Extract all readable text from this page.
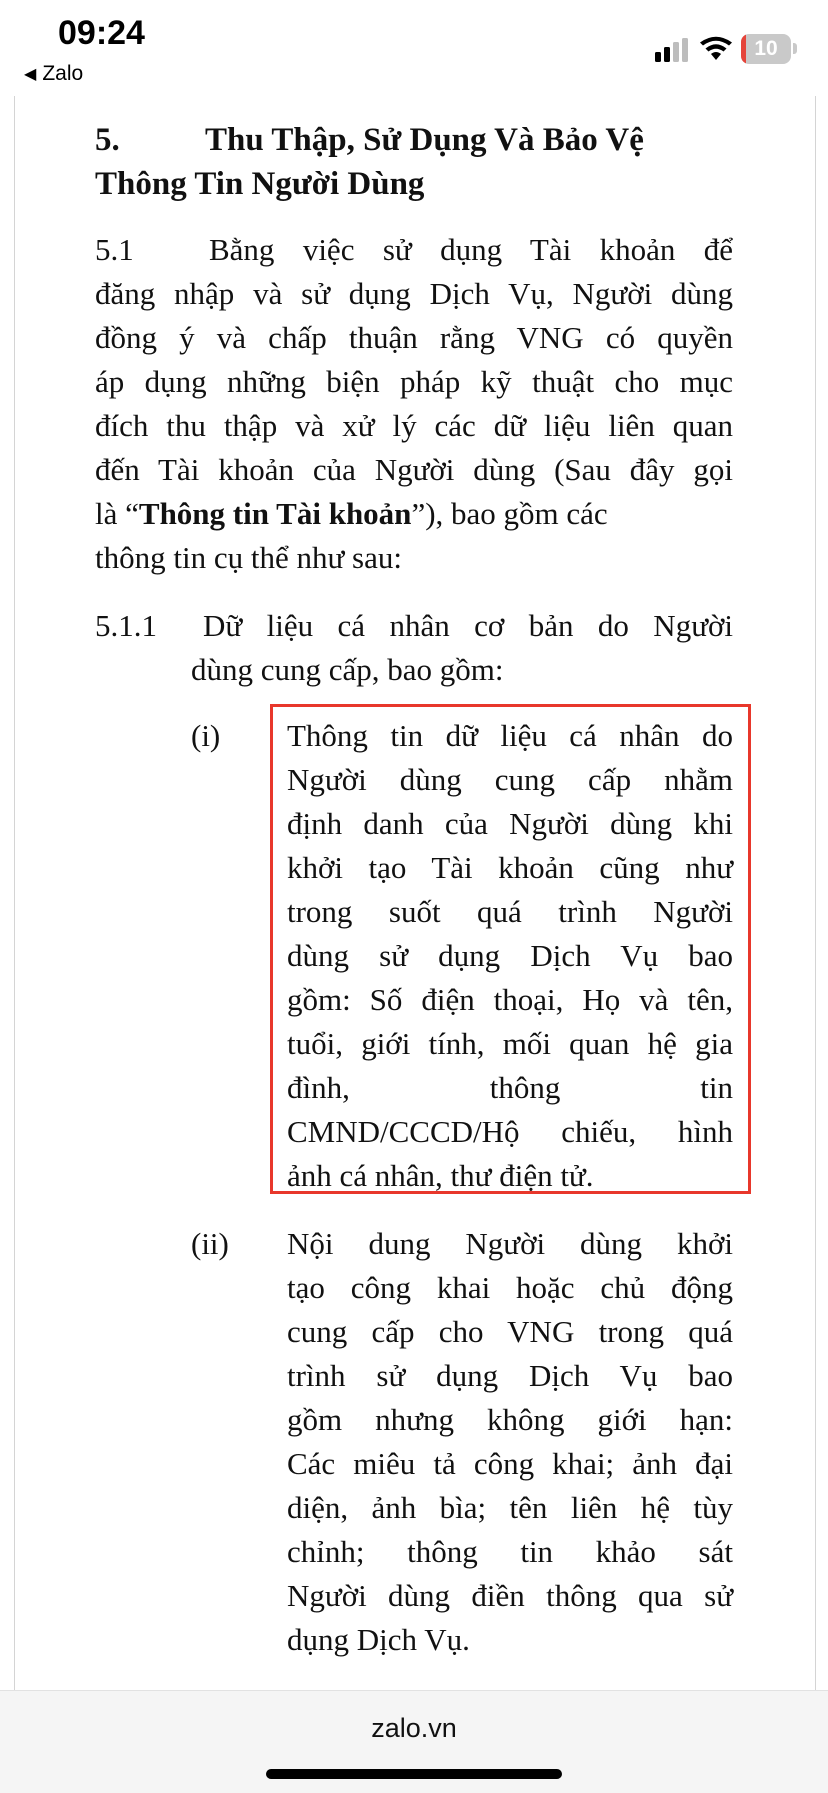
09:24
◀ Zalo
10
5.	Thu Thập, Sử Dụng Và Bảo Vệ
Thông Tin Người Dùng
5.1 Bằng việc sử dụng Tài khoản để
đăng nhập và sử dụng Dịch Vụ, Người dùng
đồng ý và chấp thuận rằng VNG có quyền
áp dụng những biện pháp kỹ thuật cho mục
đích thu thập và xử lý các dữ liệu liên quan
đến Tài khoản của Người dùng (Sau đây gọi
là “Thông tin Tài khoản”), bao gồm các
thông tin cụ thể như sau:
5.1.1 Dữ liệu cá nhân cơ bản do Người
dùng cung cấp, bao gồm:
(i) Thông tin dữ liệu cá nhân do
Người dùng cung cấp nhằm
định danh của Người dùng khi
khởi tạo Tài khoản cũng như
trong suốt quá trình Người
dùng sử dụng Dịch Vụ bao
gồm: Số điện thoại, Họ và tên,
tuổi, giới tính, mối quan hệ gia
đình, thông tin
CMND/CCCD/Hộ chiếu, hình
ảnh cá nhân, thư điện tử.
(ii) Nội dung Người dùng khởi
tạo công khai hoặc chủ động
cung cấp cho VNG trong quá
trình sử dụng Dịch Vụ bao
gồm nhưng không giới hạn:
Các miêu tả công khai; ảnh đại
diện, ảnh bìa; tên liên hệ tùy
chỉnh; thông tin khảo sát
Người dùng điền thông qua sử
dụng Dịch Vụ.
zalo.vn
